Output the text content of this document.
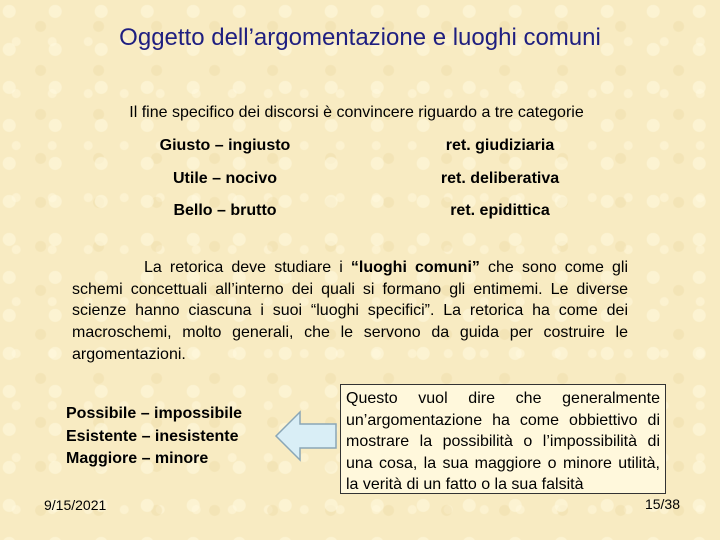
Oggetto dell’argomentazione e luoghi comuni
Il fine specifico dei discorsi è convincere riguardo a tre categorie
Giusto – ingiusto	ret. giudiziaria
Utile – nocivo	ret. deliberativa
Bello – brutto	ret. epidittica
La retorica deve studiare i “luoghi comuni” che sono come gli schemi concettuali all’interno dei quali si formano gli entimemi. Le diverse scienze hanno ciascuna i suoi “luoghi specifici”. La retorica ha come dei macroschemi, molto generali, che le servono da guida per costruire le argomentazioni.
Possibile – impossibile
Esistente – inesistente
Maggiore – minore
Questo vuol dire che generalmente un’argomentazione ha come obbiettivo di mostrare la possibilità o l’impossibilità di una cosa, la sua maggiore o minore utilità, la verità di un fatto o la sua falsità
9/15/2021	15/38
